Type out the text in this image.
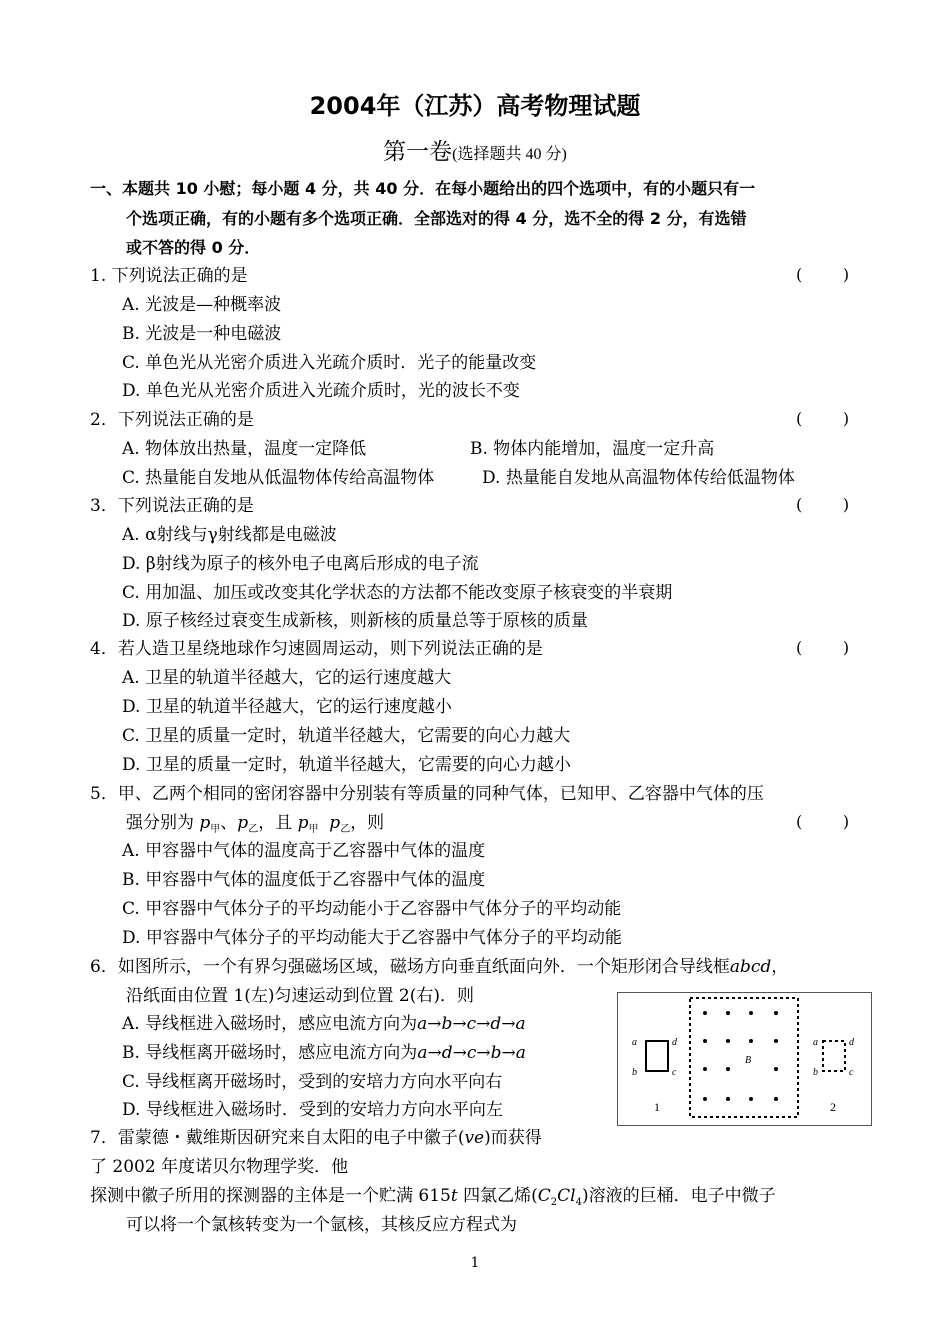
2004年（江苏）高考物理试题
第一卷(选择题共 40 分)
一、本题共 10 小慰；每小题 4 分，共 40 分．在每小题给出的四个选项中，有的小题只有一
个选项正确，有的小题有多个选项正确．全部选对的得 4 分，选不全的得 2 分，有选错
或不答的得 0 分．
1. 下列说法正确的是	(        )
A. 光波是—种概率波
B. 光波是一种电磁波
C. 单色光从光密介质进入光疏介质时．光子的能量改变
D. 单色光从光密介质进入光疏介质时，光的波长不变
2．下列说法正确的是	(        )
A. 物体放出热量，温度一定降低	B. 物体内能增加，温度一定升高
C. 热量能自发地从低温物体传给高温物体	D. 热量能自发地从高温物体传给低温物体
3．下列说法正确的是	(        )
A. α射线与γ射线都是电磁波
D. β射线为原子的核外电子电离后形成的电子流
C. 用加温、加压或改变其化学状态的方法都不能改变原子核衰变的半衰期
D. 原子核经过衰变生成新核，则新核的质量总等于原核的质量
4．若人造卫星绕地球作匀速圆周运动，则下列说法正确的是	(        )
A. 卫星的轨道半径越大，它的运行速度越大
D. 卫星的轨道半径越大，它的运行速度越小
C. 卫星的质量一定时，轨道半径越大，它需要的向心力越大
D. 卫星的质量一定时，轨道半径越大，它需要的向心力越小
5．甲、乙两个相同的密闭容器中分别装有等质量的同种气体，已知甲、乙容器中气体的压
强分别为 $p_甲$、$p_乙$，且 $p_甲$ $p_乙$，则	(        )
A. 甲容器中气体的温度高于乙容器中气体的温度
B. 甲容器中气体的温度低于乙容器中气体的温度
C. 甲容器中气体分子的平均动能小于乙容器中气体分子的平均动能
D. 甲容器中气体分子的平均动能大于乙容器中气体分子的平均动能
6．如图所示，一个有界匀强磁场区域，磁场方向垂直纸面向外．一个矩形闭合导线框abcd，
沿纸面由位置 1(左)匀速运动到位置 2(右)．则
A. 导线框进入磁场时，感应电流方向为a→b→c→d→a
B. 导线框离开磁场时，感应电流方向为a→d→c→b→a
C. 导线框离开磁场时，受到的安培力方向水平向右
D. 导线框进入磁场时．受到的安培力方向水平向左
a	d
b	c
1
B
a	d
b	c
2
7．雷蒙德・戴维斯因研究来自太阳的电子中徽子(ve)而获得
了 2002 年度诺贝尔物理学奖．他
探测中徽子所用的探测器的主体是一个贮满 615t 四氯乙烯$(C_2Cl_4)$溶液的巨桶．电子中微子
可以将一个氯核转变为一个氩核，其核反应方程式为
1
